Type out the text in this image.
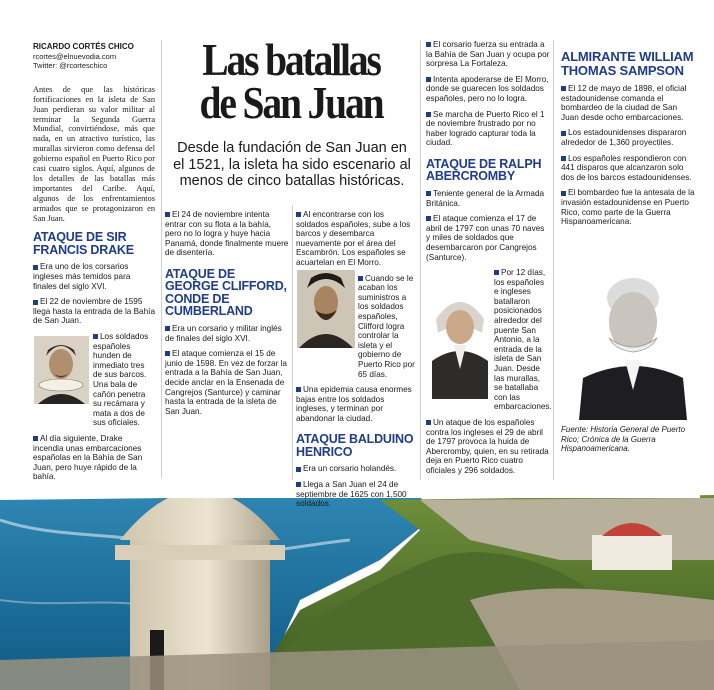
RICARDO CORTÉS CHICO
rcortes@elnuevodia.com
Twitter: @rcorteschico

Antes de que las históricas fortificaciones en la isleta de San Juan perdieran su valor militar al terminar la Segunda Guerra Mundial, convirtiéndose, más que nada, en un atractivo turístico, las murallas sirvieron como defensa del gobierno español en Puerto Rico por casi cuatro siglos. Aquí, algunos de los detalles de las batallas más importantes del Caribe. Aquí, algunos de los enfrentamientos armados que se protagonizaron en San Juan.

ATAQUE DE SIR FRANCIS DRAKE

Era uno de los corsarios ingleses más temidos para finales del siglo XVI.

El 22 de noviembre de 1595 llega hasta la entrada de la Bahía de San Juan.

Los soldados españoles hunden de inmediato tres de sus barcos. Una bala de cañón penetra su recámara y mata a dos de sus oficiales.

Al día siguiente, Drake incendia unas embarcaciones españolas en la Bahía de San Juan, pero huye rápido de la bahía.

Las batallas
de San Juan
Desde la fundación de San Juan en el 1521, la isleta ha sido escenario al menos de cinco batallas históricas.

El 24 de noviembre intenta entrar con su flota a la bahía, pero no lo logra y huye hacia Panamá, donde finalmente muere de disentería.

ATAQUE DE GEORGE CLIFFORD, CONDE DE CUMBERLAND

Era un corsario y militar inglés de finales del siglo XVI.

El ataque comienza el 15 de junio de 1598. En vez de forzar la entrada a la Bahía de San Juan, decide anclar en la Ensenada de Cangrejos (Santurce) y caminar hasta la entrada de la isleta de San Juan.

Al encontrarse con los soldados españoles, sube a los barcos y desembarca nuevamente por el área del Escambrón. Los españoles se acuartelan en El Morro.

Cuando se le acaban los suministros a los soldados españoles, Clifford logra controlar la isleta y el gobierno de Puerto Rico por 65 días.

Una epidemia causa enormes bajas entre los soldados ingleses, y terminan por abandonar la ciudad.

ATAQUE BALDUINO HENRICO

Era un corsario holandés.

Llega a San Juan el 24 de septiembre de 1625 con 1,500 soldados.

El corsario fuerza su entrada a la Bahía de San Juan y ocupa por sorpresa La Fortaleza.

Intenta apoderarse de El Morro, donde se guarecen los soldados españoles, pero no lo logra.

Se marcha de Puerto Rico el 1 de noviembre frustrado por no haber logrado capturar toda la ciudad.

ATAQUE DE RALPH ABERCROMBY

Teniente general de la Armada Británica.

El ataque comienza el 17 de abril de 1797 con unas 70 naves y miles de soldados que desembarcaron por Cangrejos (Santurce).

Por 12 días, los españoles e ingleses batallaron posicionados alrededor del puente San Antonio, a la entrada de la isleta de San Juan. Desde las murallas, se batallaba con las embarcaciones.

Un ataque de los españoles contra los ingleses el 29 de abril de 1797 provoca la huida de Abercromby, quien, en su retirada deja en Puerto Rico cuatro oficiales y 296 soldados.

ALMIRANTE WILLIAM THOMAS SAMPSON

El 12 de mayo de 1898, el oficial estadounidense comanda el bombardeo de la ciudad de San Juan desde ocho embarcaciones.

Los estadounidenses dispararon alrededor de 1,360 proyectiles.

Los españoles respondieron con 441 disparos que alcanzaron solo dos de los barcos estadounidenses.

El bombardeo fue la antesala de la invasión estadounidense en Puerto Rico, como parte de la Guerra Hispanoamericana.

Fuente: Historia General de Puerto Rico; Crónica de la Guerra Hispanoamericana.
